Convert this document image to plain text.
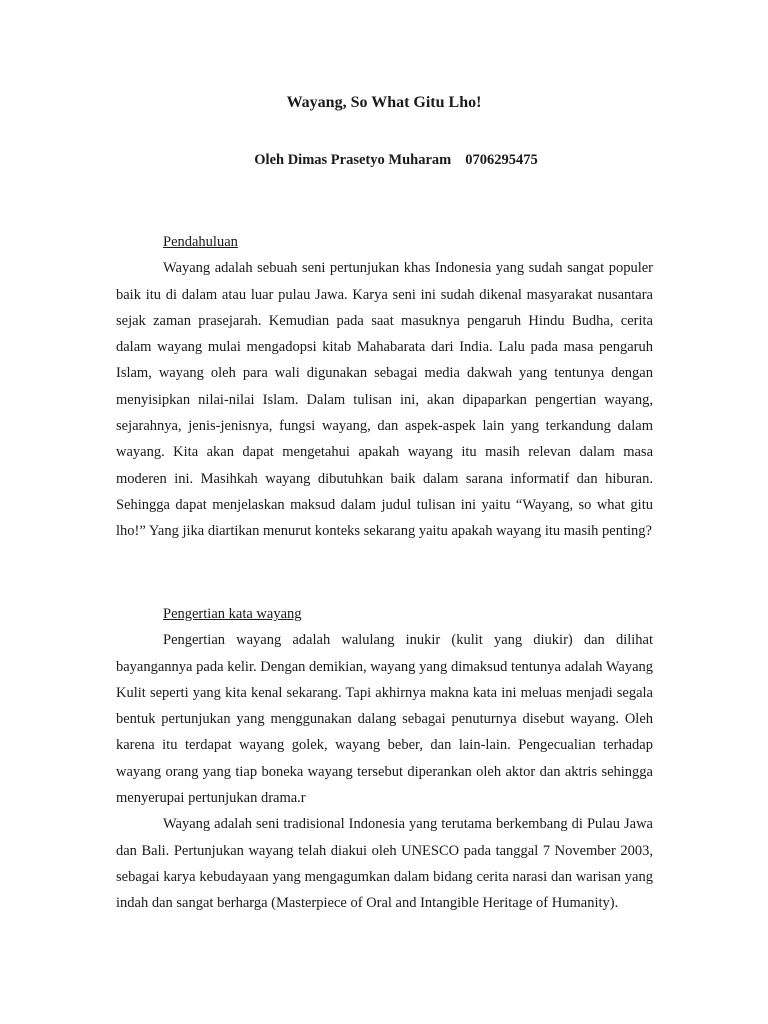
Wayang, So What Gitu Lho!

Oleh Dimas Prasetyo Muharam 0706295475

Pendahuluan

Wayang adalah sebuah seni pertunjukan khas Indonesia yang sudah sangat populer baik itu di dalam atau luar pulau Jawa. Karya seni ini sudah dikenal masyarakat nusantara sejak zaman prasejarah. Kemudian pada saat masuknya pengaruh Hindu Budha, cerita dalam wayang mulai mengadopsi kitab Mahabarata dari India. Lalu pada masa pengaruh Islam, wayang oleh para wali digunakan sebagai media dakwah yang tentunya dengan menyisipkan nilai-nilai Islam. Dalam tulisan ini, akan dipaparkan pengertian wayang, sejarahnya, jenis-jenisnya, fungsi wayang, dan aspek-aspek lain yang terkandung dalam wayang. Kita akan dapat mengetahui apakah wayang itu masih relevan dalam masa moderen ini. Masihkah wayang dibutuhkan baik dalam sarana informatif dan hiburan. Sehingga dapat menjelaskan maksud dalam judul tulisan ini yaitu “Wayang, so what gitu lho!” Yang jika diartikan menurut konteks sekarang yaitu apakah wayang itu masih penting?

Pengertian kata wayang

Pengertian wayang adalah walulang inukir (kulit yang diukir) dan dilihat bayangannya pada kelir. Dengan demikian, wayang yang dimaksud tentunya adalah Wayang Kulit seperti yang kita kenal sekarang. Tapi akhirnya makna kata ini meluas menjadi segala bentuk pertunjukan yang menggunakan dalang sebagai penuturnya disebut wayang. Oleh karena itu terdapat wayang golek, wayang beber, dan lain-lain. Pengecualian terhadap wayang orang yang tiap boneka wayang tersebut diperankan oleh aktor dan aktris sehingga menyerupai pertunjukan drama.r

Wayang adalah seni tradisional Indonesia yang terutama berkembang di Pulau Jawa dan Bali. Pertunjukan wayang telah diakui oleh UNESCO pada tanggal 7 November 2003, sebagai karya kebudayaan yang mengagumkan dalam bidang cerita narasi dan warisan yang indah dan sangat berharga (Masterpiece of Oral and Intangible Heritage of Humanity).
